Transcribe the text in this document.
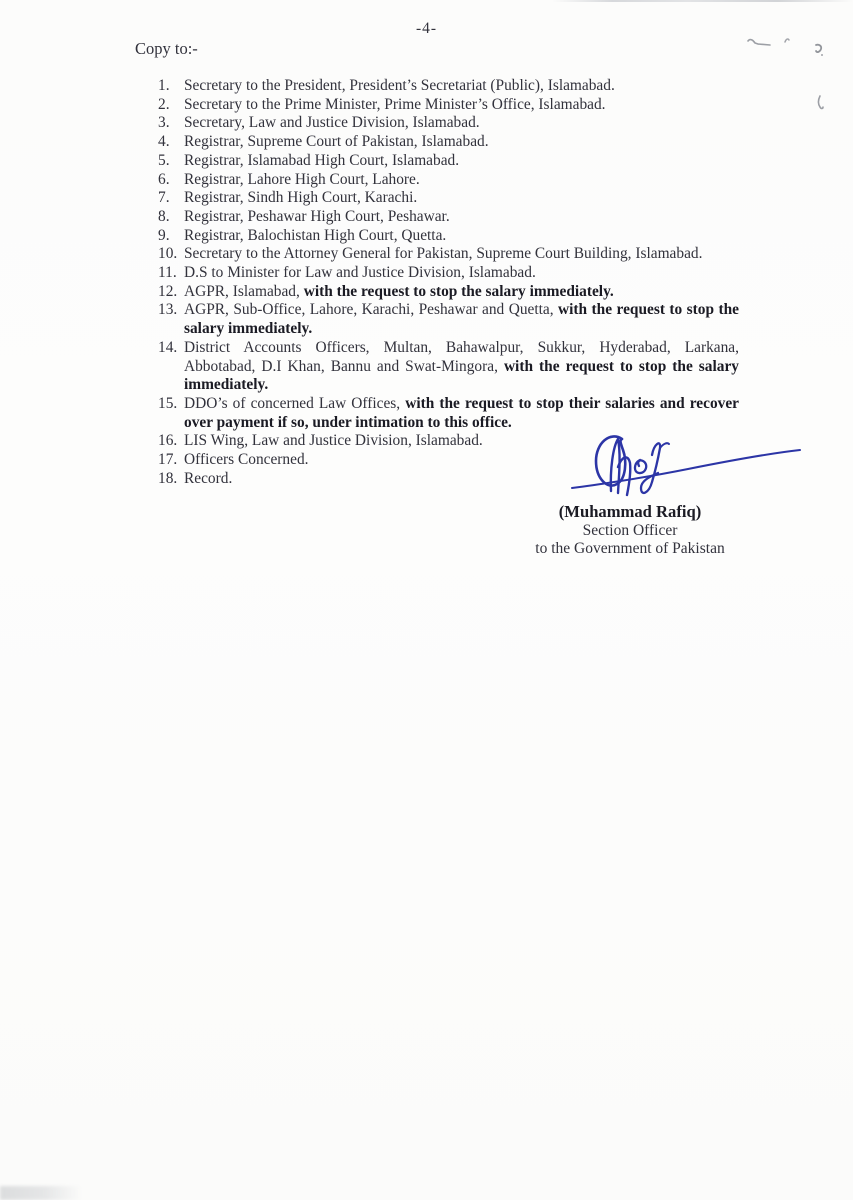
-4-
Copy to:-
1. Secretary to the President, President’s Secretariat (Public), Islamabad.
2. Secretary to the Prime Minister, Prime Minister’s Office, Islamabad.
3. Secretary, Law and Justice Division, Islamabad.
4. Registrar, Supreme Court of Pakistan, Islamabad.
5. Registrar, Islamabad High Court, Islamabad.
6. Registrar, Lahore High Court, Lahore.
7. Registrar, Sindh High Court, Karachi.
8. Registrar, Peshawar High Court, Peshawar.
9. Registrar, Balochistan High Court, Quetta.
10. Secretary to the Attorney General for Pakistan, Supreme Court Building, Islamabad.
11. D.S to Minister for Law and Justice Division, Islamabad.
12. AGPR, Islamabad, with the request to stop the salary immediately.
13. AGPR, Sub-Office, Lahore, Karachi, Peshawar and Quetta, with the request to stop the salary immediately.
14. District Accounts Officers, Multan, Bahawalpur, Sukkur, Hyderabad, Larkana, Abbotabad, D.I Khan, Bannu and Swat-Mingora, with the request to stop the salary immediately.
15. DDO’s of concerned Law Offices, with the request to stop their salaries and recover over payment if so, under intimation to this office.
16. LIS Wing, Law and Justice Division, Islamabad.
17. Officers Concerned.
18. Record.
(Muhammad Rafiq)
Section Officer
to the Government of Pakistan
